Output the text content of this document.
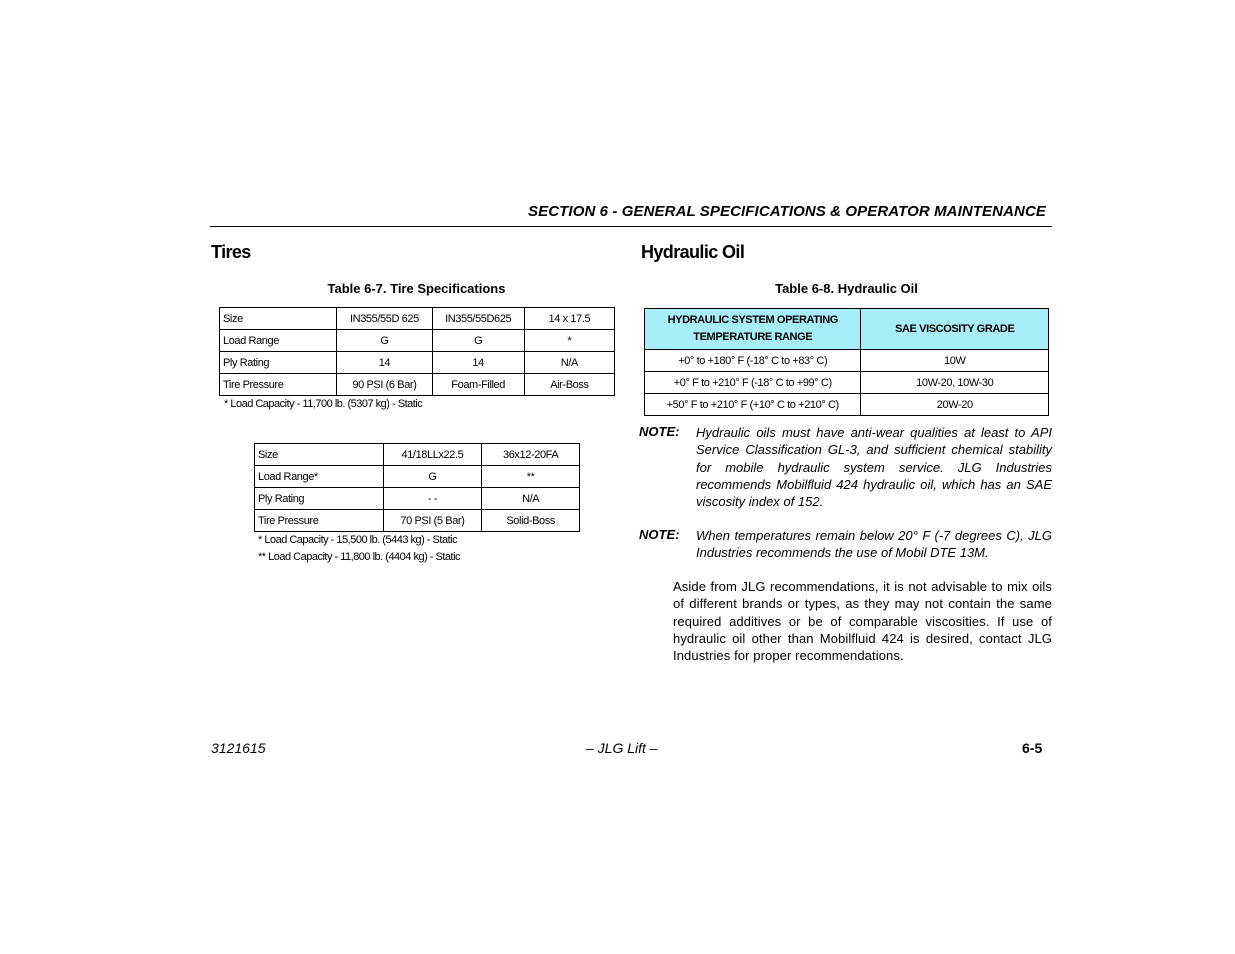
SECTION 6 - GENERAL SPECIFICATIONS & OPERATOR MAINTENANCE
Tires
Table 6-7. Tire Specifications
Size	IN355/55D 625	IN355/55D625	14 x 17.5
Load Range	G	G	*
Ply Rating	14	14	N/A
Tire Pressure	90 PSI (6 Bar)	Foam-Filled	Air-Boss
* Load Capacity - 11,700 lb. (5307 kg) - Static
Size	41/18LLx22.5	36x12-20FA
Load Range*	G	**
Ply Rating	- -	N/A
Tire Pressure	70 PSI (5 Bar)	Solid-Boss
* Load Capacity - 15,500 lb. (5443 kg) - Static
** Load Capacity - 11,800 lb. (4404 kg) - Static
Hydraulic Oil
Table 6-8. Hydraulic Oil
HYDRAULIC SYSTEM OPERATING
TEMPERATURE RANGE	SAE VISCOSITY GRADE
+0° to +180° F (-18° C to +83° C)	10W
+0° F to +210° F (-18° C to +99° C)	10W-20, 10W-30
+50° F to +210° F (+10° C to +210° C)	20W-20
NOTE: Hydraulic oils must have anti-wear qualities at least to API Service Classification GL-3, and sufficient chemical stability for mobile hydraulic system service. JLG Industries recommends Mobilfluid 424 hydraulic oil, which has an SAE viscosity index of 152.
NOTE: When temperatures remain below 20° F (-7 degrees C), JLG Industries recommends the use of Mobil DTE 13M.
Aside from JLG recommendations, it is not advisable to mix oils of different brands or types, as they may not contain the same required additives or be of comparable viscosities. If use of hydraulic oil other than Mobilfluid 424 is desired, contact JLG Industries for proper recommendations.
3121615	– JLG Lift –	6-5
